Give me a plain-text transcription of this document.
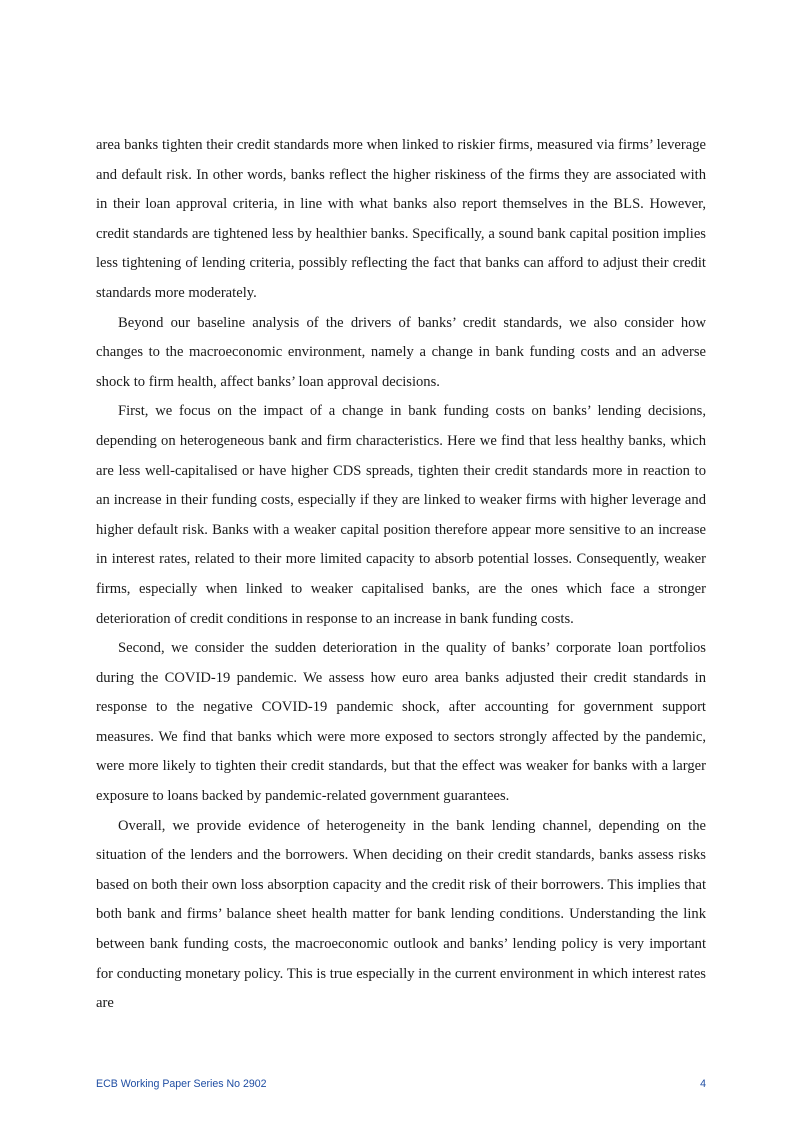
area banks tighten their credit standards more when linked to riskier firms, measured via firms’ leverage and default risk. In other words, banks reflect the higher riskiness of the firms they are associated with in their loan approval criteria, in line with what banks also report themselves in the BLS. However, credit standards are tightened less by healthier banks. Specifically, a sound bank capital position implies less tightening of lending criteria, possibly reflecting the fact that banks can afford to adjust their credit standards more moderately.

Beyond our baseline analysis of the drivers of banks’ credit standards, we also consider how changes to the macroeconomic environment, namely a change in bank funding costs and an adverse shock to firm health, affect banks’ loan approval decisions.

First, we focus on the impact of a change in bank funding costs on banks’ lending decisions, depending on heterogeneous bank and firm characteristics. Here we find that less healthy banks, which are less well-capitalised or have higher CDS spreads, tighten their credit standards more in reaction to an increase in their funding costs, especially if they are linked to weaker firms with higher leverage and higher default risk. Banks with a weaker capital position therefore appear more sensitive to an increase in interest rates, related to their more limited capacity to absorb potential losses. Consequently, weaker firms, especially when linked to weaker capitalised banks, are the ones which face a stronger deterioration of credit conditions in response to an increase in bank funding costs.

Second, we consider the sudden deterioration in the quality of banks’ corporate loan portfolios during the COVID-19 pandemic. We assess how euro area banks adjusted their credit standards in response to the negative COVID-19 pandemic shock, after accounting for government support measures. We find that banks which were more exposed to sectors strongly affected by the pandemic, were more likely to tighten their credit standards, but that the effect was weaker for banks with a larger exposure to loans backed by pandemic-related government guarantees.

Overall, we provide evidence of heterogeneity in the bank lending channel, depending on the situation of the lenders and the borrowers. When deciding on their credit standards, banks assess risks based on both their own loss absorption capacity and the credit risk of their borrowers. This implies that both bank and firms’ balance sheet health matter for bank lending conditions. Understanding the link between bank funding costs, the macroeconomic outlook and banks’ lending policy is very important for conducting monetary policy. This is true especially in the current environment in which interest rates are

ECB Working Paper Series No 2902	4
